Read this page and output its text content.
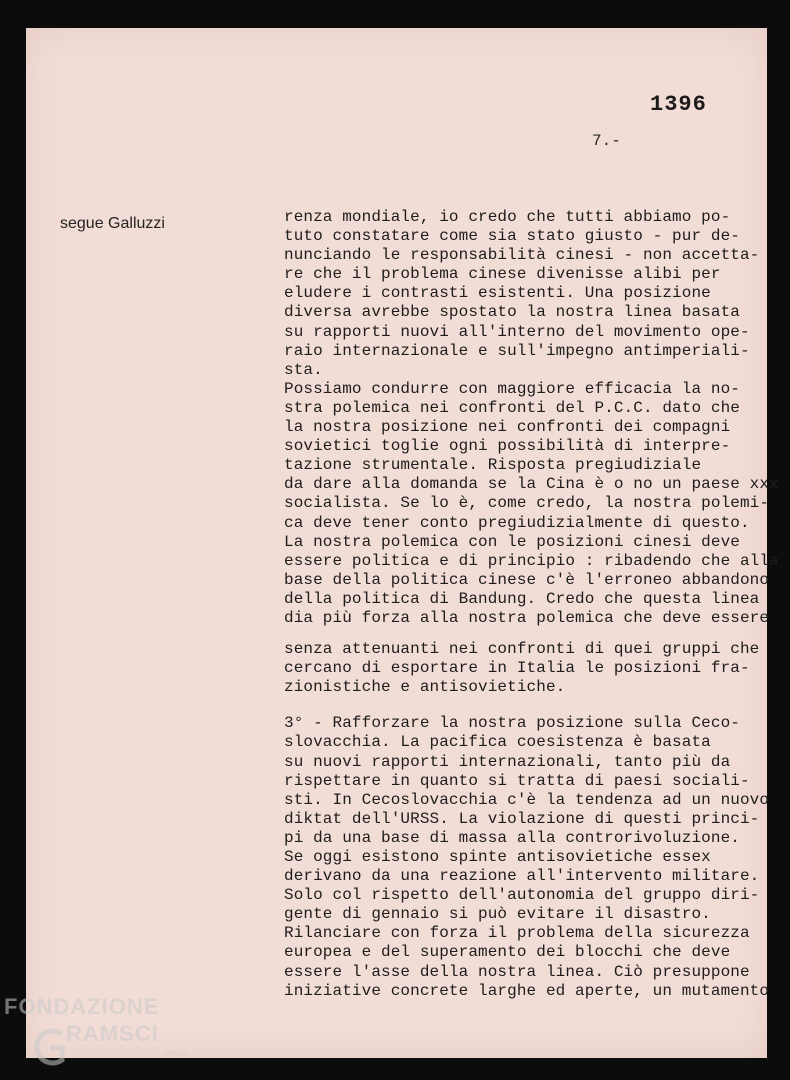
1396
7.-
segue Galluzzi	renza mondiale, io credo che tutti abbiamo po-
tuto constatare come sia stato giusto - pur de-
nunciando le responsabilità cinesi - non accetta-
re che il problema cinese divenisse alibi per
eludere i contrasti esistenti. Una posizione
diversa avrebbe spostato la nostra linea basata
su rapporti nuovi all'interno del movimento ope-
raio internazionale e sull'impegno antimperiali-
sta.
Possiamo condurre con maggiore efficacia la no-
stra polemica nei confronti del P.C.C. dato che
la nostra posizione nei confronti dei compagni
sovietici toglie ogni possibilità di interpre-
tazione strumentale. Risposta pregiudiziale
da dare alla domanda se la Cina è o no un paese xxx
socialista. Se lo è, come credo, la nostra polemi-
ca deve tener conto pregiudizialmente di questo.
La nostra polemica con le posizioni cinesi deve
essere politica e di principio : ribadendo che alla
base della politica cinese c'è l'erroneo abbandono
della politica di Bandung. Credo che questa linea
dia più forza alla nostra polemica che deve essere
senza attenuanti nei confronti di quei gruppi che
cercano di esportare in Italia le posizioni fra-
zionistiche e antisovietiche.
3° - Rafforzare la nostra posizione sulla Ceco-
slovacchia. La pacifica coesistenza è basata
su nuovi rapporti internazionali, tanto più da
rispettare in quanto si tratta di paesi sociali-
sti. In Cecoslovacchia c'è la tendenza ad un nuovo
diktat dell'URSS. La violazione di questi princi-
pi da una base di massa alla controrivoluzione.
Se oggi esistono spinte antisovietiche essex
derivano da una reazione all'intervento militare.
Solo col rispetto dell'autonomia del gruppo diri-
gente di gennaio si può evitare il disastro.
Rilanciare con forza il problema della sicurezza
europea e del superamento dei blocchi che deve
essere l'asse della nostra linea. Ciò presuppone
iniziative concrete larghe ed aperte, un mutamento
FONDAZIONE
RAMSCI
onlus
